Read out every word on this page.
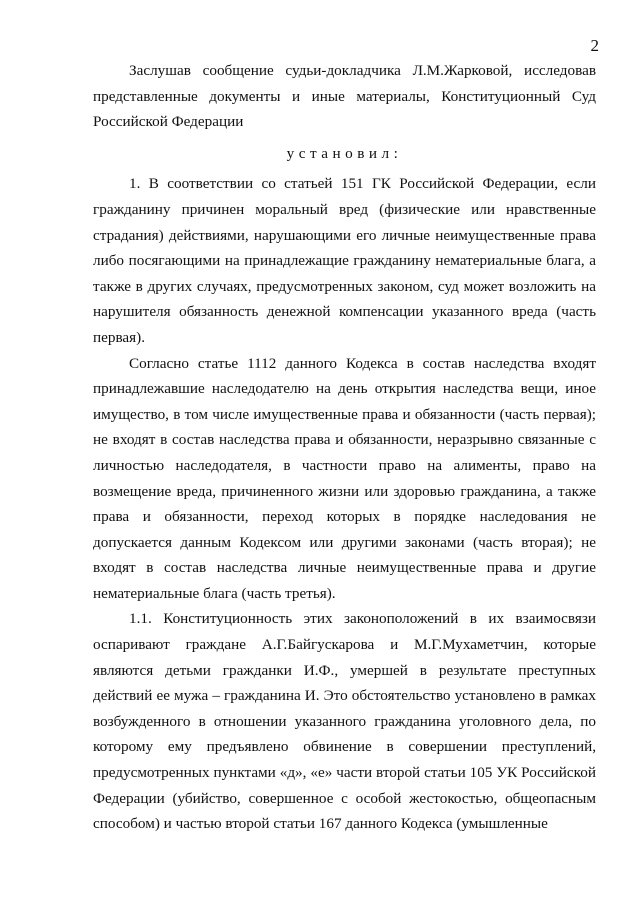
2

Заслушав сообщение судьи-докладчика Л.М.Жарковой, исследовав представленные документы и иные материалы, Конституционный Суд Российской Федерации

установил:

1. В соответствии со статьей 151 ГК Российской Федерации, если гражданину причинен моральный вред (физические или нравственные страдания) действиями, нарушающими его личные неимущественные права либо посягающими на принадлежащие гражданину нематериальные блага, а также в других случаях, предусмотренных законом, суд может возложить на нарушителя обязанность денежной компенсации указанного вреда (часть первая).

Согласно статье 1112 данного Кодекса в состав наследства входят принадлежавшие наследодателю на день открытия наследства вещи, иное имущество, в том числе имущественные права и обязанности (часть первая); не входят в состав наследства права и обязанности, неразрывно связанные с личностью наследодателя, в частности право на алименты, право на возмещение вреда, причиненного жизни или здоровью гражданина, а также права и обязанности, переход которых в порядке наследования не допускается данным Кодексом или другими законами (часть вторая); не входят в состав наследства личные неимущественные права и другие нематериальные блага (часть третья).

1.1. Конституционность этих законоположений в их взаимосвязи оспаривают граждане А.Г.Байгускарова и М.Г.Мухаметчин, которые являются детьми гражданки И.Ф., умершей в результате преступных действий ее мужа – гражданина И. Это обстоятельство установлено в рамках возбужденного в отношении указанного гражданина уголовного дела, по которому ему предъявлено обвинение в совершении преступлений, предусмотренных пунктами «д», «е» части второй статьи 105 УК Российской Федерации (убийство, совершенное с особой жестокостью, общеопасным способом) и частью второй статьи 167 данного Кодекса (умышленные
